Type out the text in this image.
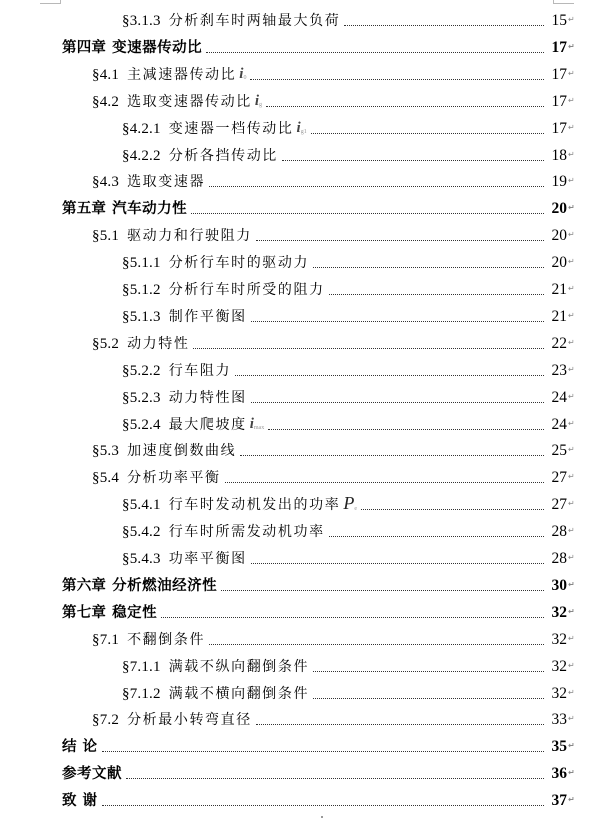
§3.1.3 分析刹车时两轴最大负荷	15 ↵
第四章 变速器传动比	17 ↵
§4.1 主减速器传动比 $i_0$	17 ↵
§4.2 选取变速器传动比 $i_g$	17 ↵
§4.2.1 变速器一档传动比 $i_{g1}$	17 ↵
§4.2.2 分析各挡传动比	18 ↵
§4.3 选取变速器	19 ↵
第五章 汽车动力性	20 ↵
§5.1 驱动力和行驶阻力	20 ↵
§5.1.1 分析行车时的驱动力	20 ↵
§5.1.2 分析行车时所受的阻力	21 ↵
§5.1.3 制作平衡图	21 ↵
§5.2 动力特性	22 ↵
§5.2.2 行车阻力	23 ↵
§5.2.3 动力特性图	24 ↵
§5.2.4 最大爬坡度 $i_{max}$	24 ↵
§5.3 加速度倒数曲线	25 ↵
§5.4 分析功率平衡	27 ↵
§5.4.1 行车时发动机发出的功率 $P_e$	27 ↵
§5.4.2 行车时所需发动机功率	28 ↵
§5.4.3 功率平衡图	28 ↵
第六章 分析燃油经济性	30 ↵
第七章 稳定性	32 ↵
§7.1 不翻倒条件	32 ↵
§7.1.1 满载不纵向翻倒条件	32 ↵
§7.1.2 满载不横向翻倒条件	32 ↵
§7.2 分析最小转弯直径	33 ↵
结 论	35 ↵
参考文献	36 ↵
致 谢	37 ↵
